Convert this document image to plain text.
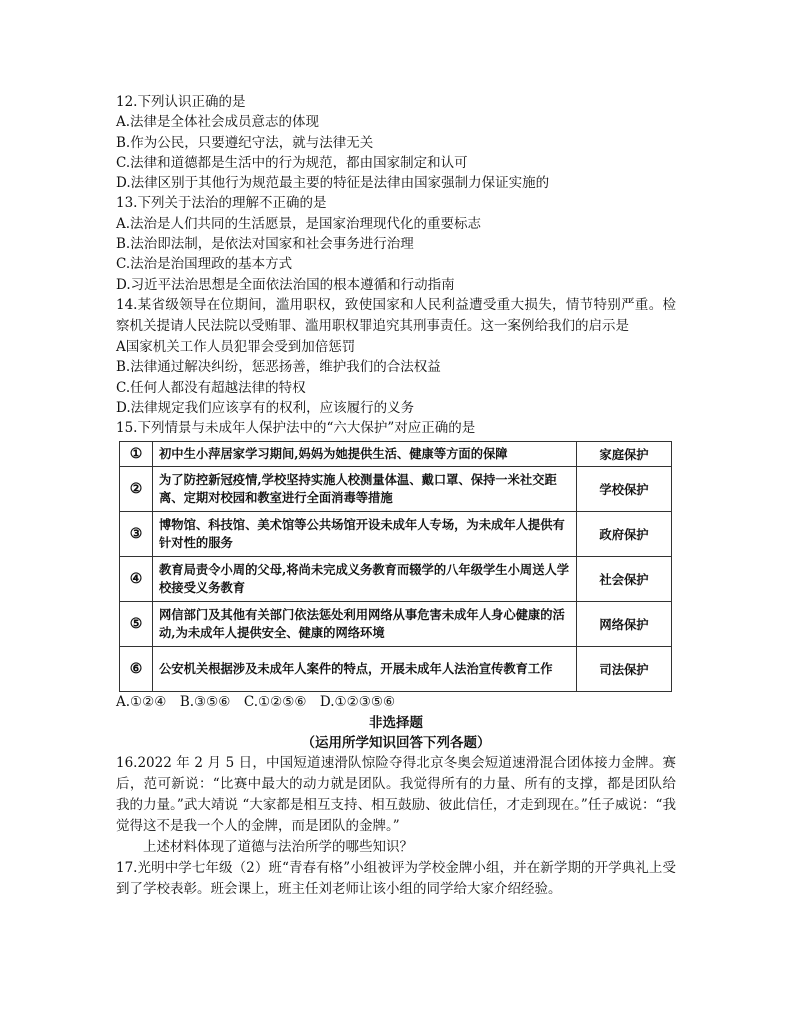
12.下列认识正确的是
A.法律是全体社会成员意志的体现
B.作为公民，只要遵纪守法，就与法律无关
C.法律和道德都是生活中的行为规范，都由国家制定和认可
D.法律区别于其他行为规范最主要的特征是法律由国家强制力保证实施的
13.下列关于法治的理解不正确的是
A.法治是人们共同的生活愿景，是国家治理现代化的重要标志
B.法治即法制，是依法对国家和社会事务进行治理
C.法治是治国理政的基本方式
D.习近平法治思想是全面依法治国的根本遵循和行动指南
14.某省级领导在位期间，滥用职权，致使国家和人民利益遭受重大损失，情节特别严重。检察机关提请人民法院以受贿罪、滥用职权罪追究其刑事责任。这一案例给我们的启示是
A国家机关工作人员犯罪会受到加倍惩罚
B.法律通过解决纠纷，惩恶扬善，维护我们的合法权益
C.任何人都没有超越法律的特权
D.法律规定我们应该享有的权利，应该履行的义务
15.下列情景与未成年人保护法中的“六大保护”对应正确的是
①	初中生小萍居家学习期间,妈妈为她提供生活、健康等方面的保障	家庭保护
②	为了防控新冠疫情,学校坚持实施人校测量体温、戴口罩、保持一米社交距离、定期对校园和教室进行全面消毒等措施	学校保护
③	博物馆、科技馆、美术馆等公共场馆开设未成年人专场，为未成年人提供有针对性的服务	政府保护
④	教育局责令小周的父母,将尚未完成义务教育而辍学的八年级学生小周送人学校接受义务教育	社会保护
⑤	网信部门及其他有关部门依法惩处利用网络从事危害未成年人身心健康的活动,为未成年人提供安全、健康的网络环境	网络保护
⑥	公安机关根据涉及未成年人案件的特点，开展未成年人法治宣传教育工作	司法保护
A.①②④　B.③⑤⑥　C.①②⑤⑥　D.①②③⑤⑥
非选择题
（运用所学知识回答下列各题）
16.2022 年 2 月 5 日，中国短道速滑队惊险夺得北京冬奥会短道速滑混合团体接力金牌。赛后，范可新说：“比赛中最大的动力就是团队。我觉得所有的力量、所有的支撑，都是团队给我的力量。”武大靖说 “大家都是相互支持、相互鼓励、彼此信任，才走到现在。”任子威说：“我觉得这不是我一个人的金牌，而是团队的金牌。”
上述材料体现了道德与法治所学的哪些知识？
17.光明中学七年级（2）班“青春有格”小组被评为学校金牌小组，并在新学期的开学典礼上受到了学校表彰。班会课上，班主任刘老师让该小组的同学给大家介绍经验。
